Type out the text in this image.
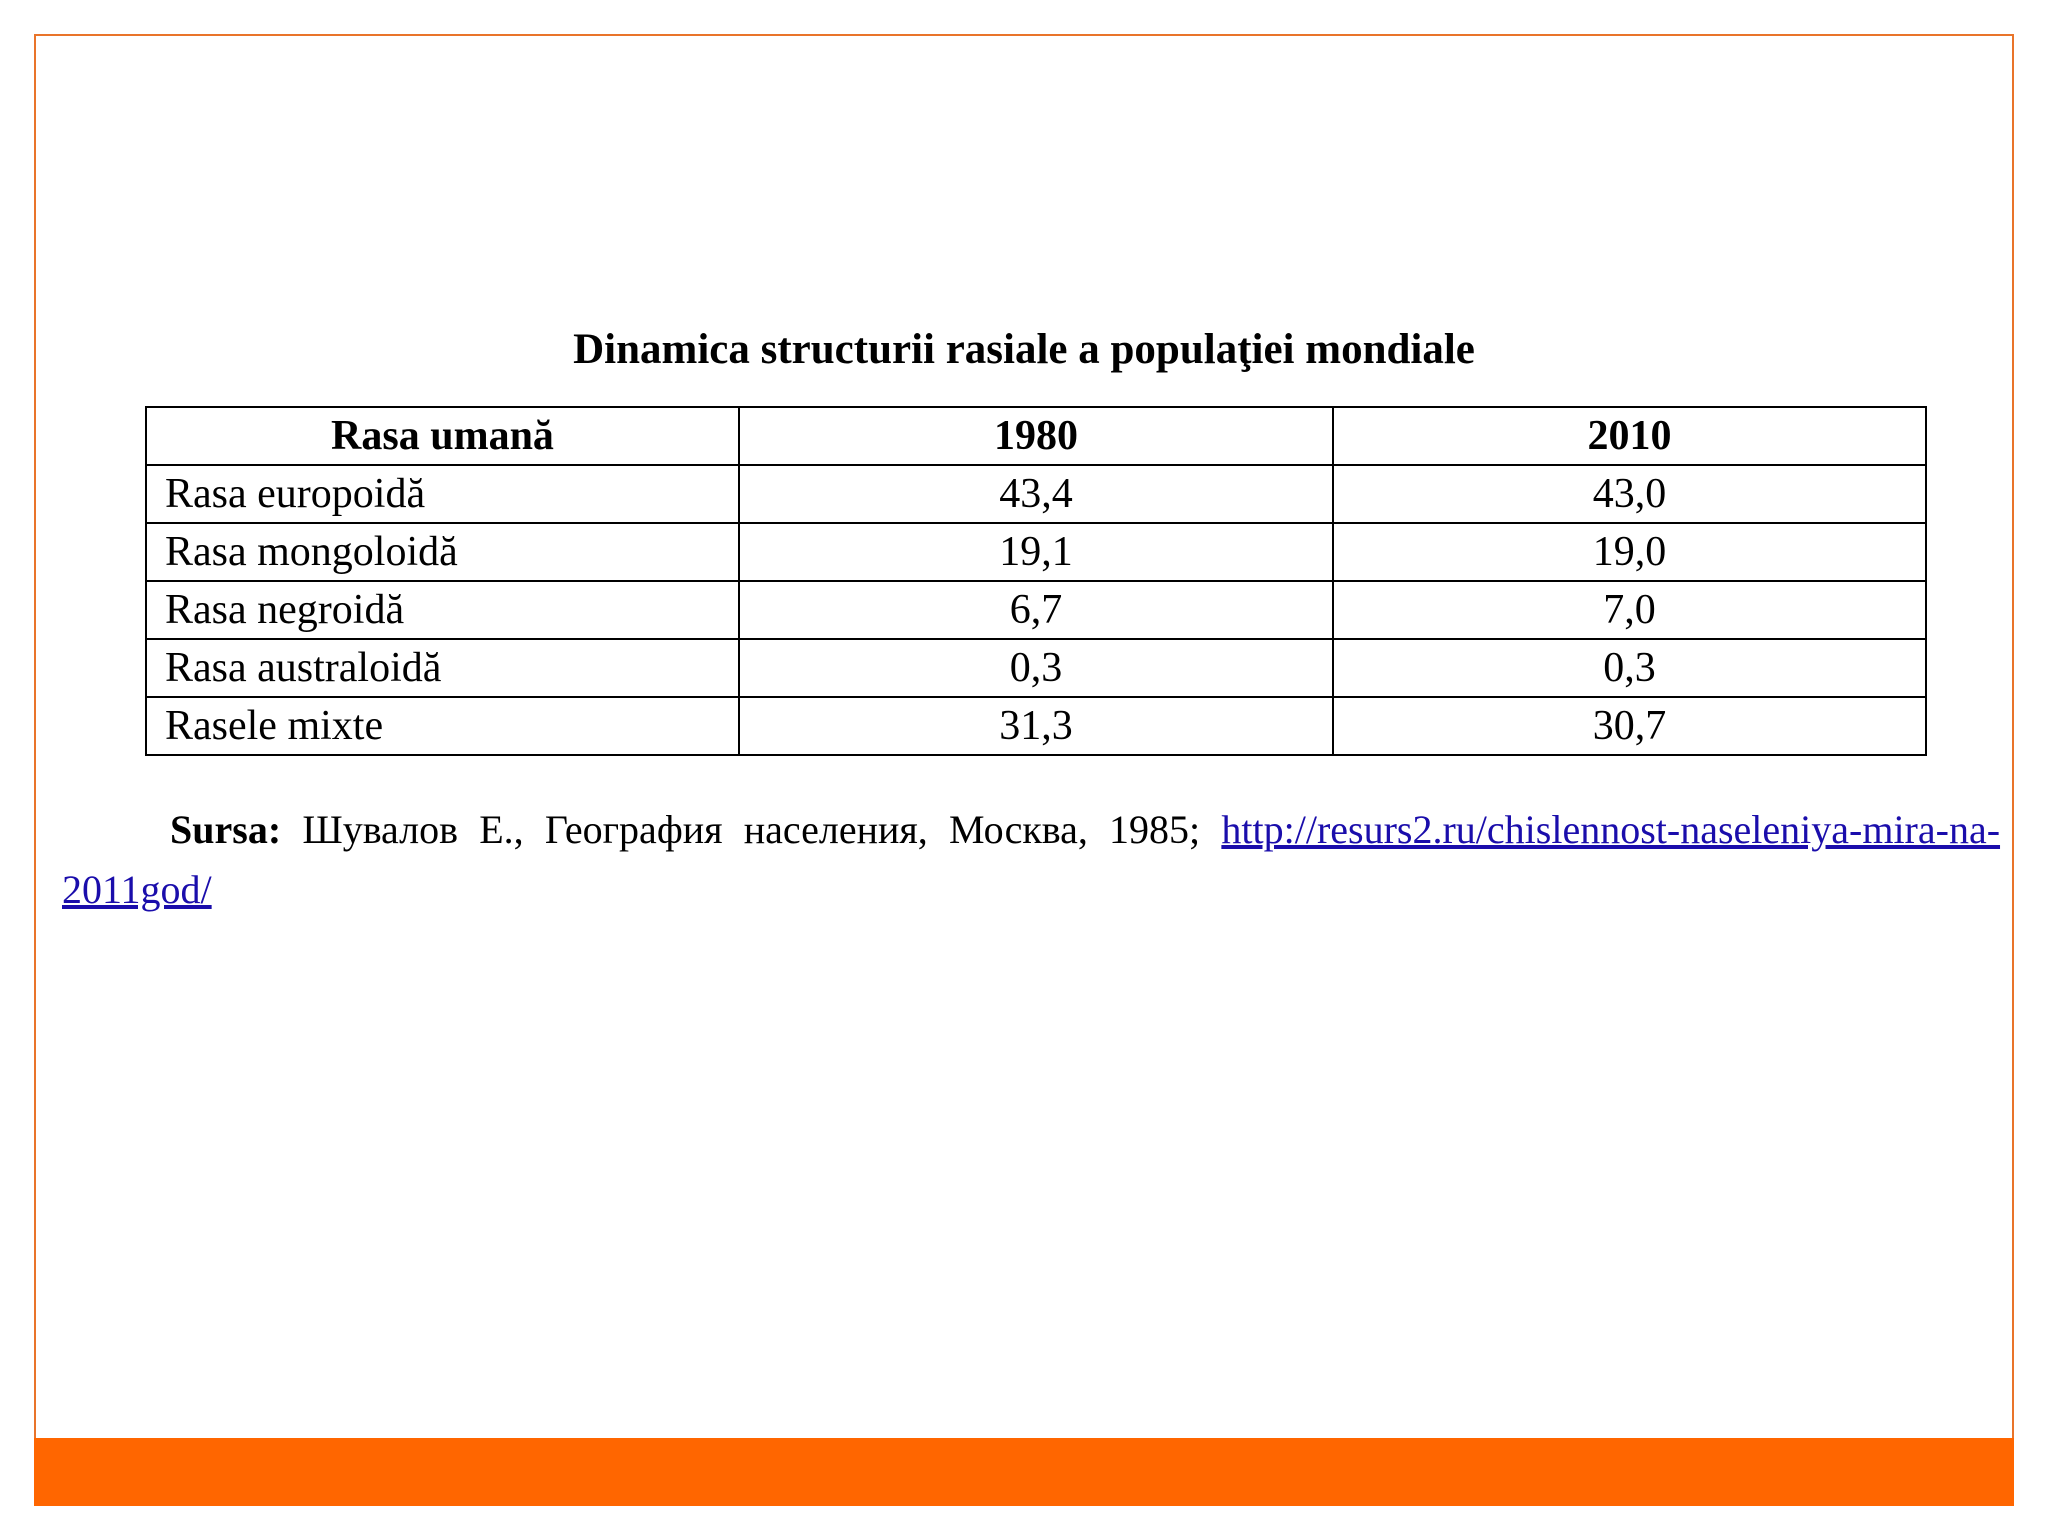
Dinamica structurii rasiale a populaţiei mondiale
Rasa umană	1980	2010
Rasa europoidă	43,4	43,0
Rasa mongoloidă	19,1	19,0
Rasa negroidă	6,7	7,0
Rasa australoidă	0,3	0,3
Rasele mixte	31,3	30,7
Sursa: Шувалов Е., География населения, Москва, 1985; http://resurs2.ru/chislennost-naseleniya-mira-na-2011god/
